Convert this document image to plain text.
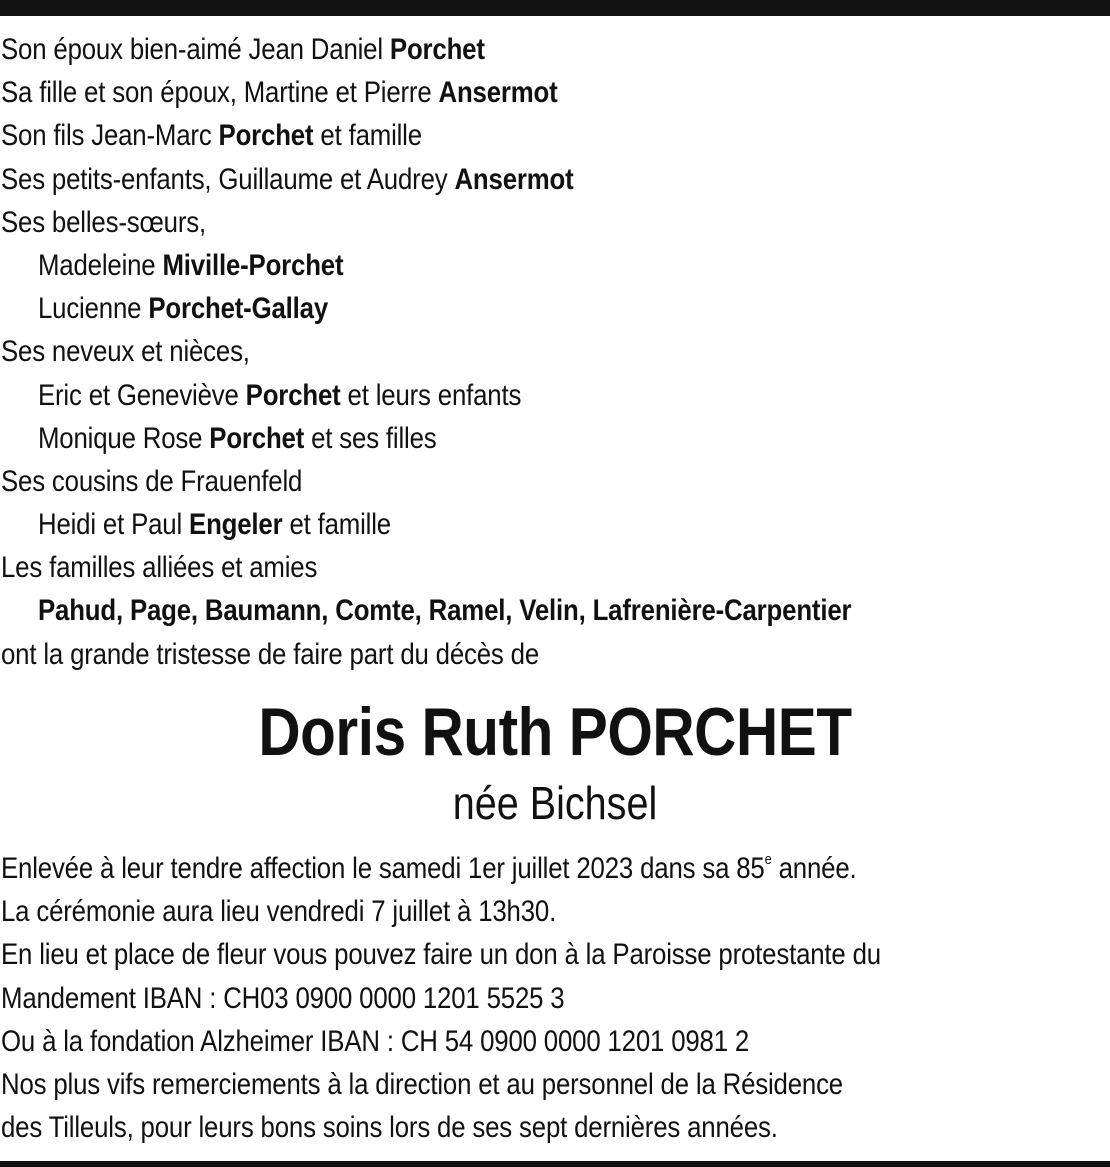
Son époux bien-aimé Jean Daniel Porchet
Sa fille et son époux, Martine et Pierre Ansermot
Son fils Jean-Marc Porchet et famille
Ses petits-enfants, Guillaume et Audrey Ansermot
Ses belles-sœurs,
Madeleine Miville-Porchet
Lucienne Porchet-Gallay
Ses neveux et nièces,
Eric et Geneviève Porchet et leurs enfants
Monique Rose Porchet et ses filles
Ses cousins de Frauenfeld
Heidi et Paul Engeler et famille
Les familles alliées et amies
Pahud, Page, Baumann, Comte, Ramel, Velin, Lafrenière-Carpentier
ont la grande tristesse de faire part du décès de
Enlevée à leur tendre affection le samedi 1er juillet 2023 dans sa 85e année.
La cérémonie aura lieu vendredi 7 juillet à 13h30.
En lieu et place de fleur vous pouvez faire un don à la Paroisse protestante du
Mandement IBAN : CH03 0900 0000 1201 5525 3
Ou à la fondation Alzheimer IBAN : CH 54 0900 0000 1201 0981 2
Nos plus vifs remerciements à la direction et au personnel de la Résidence
des Tilleuls, pour leurs bons soins lors de ses sept dernières années.
Doris Ruth PORCHET
née Bichsel
